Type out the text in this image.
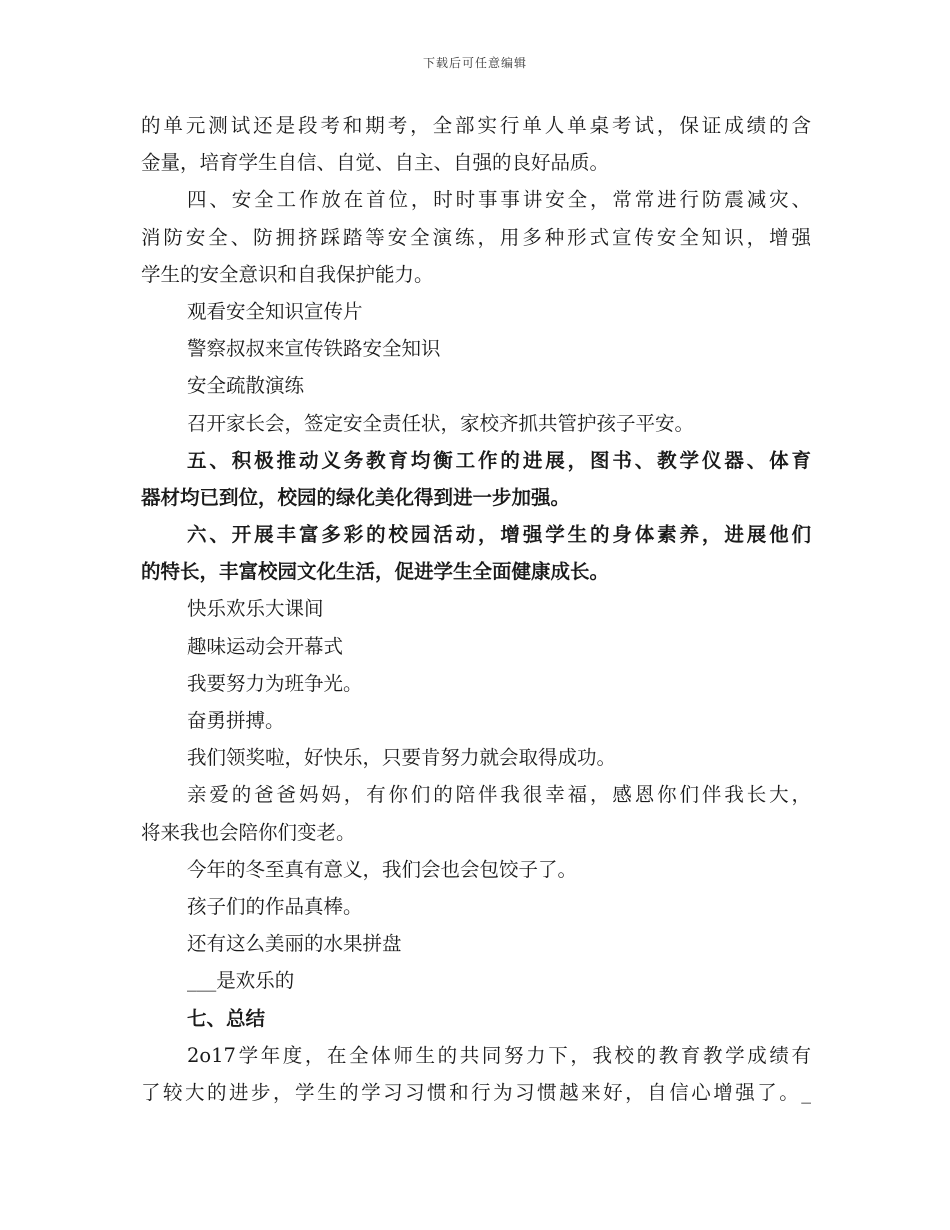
下载后可任意编辑
的单元测试还是段考和期考，全部实行单人单桌考试，保证成绩的含
金量，培育学生自信、自觉、自主、自强的良好品质。
四、安全工作放在首位，时时事事讲安全，常常进行防震减灾、
消防安全、防拥挤踩踏等安全演练，用多种形式宣传安全知识，增强
学生的安全意识和自我保护能力。
观看安全知识宣传片
警察叔叔来宣传铁路安全知识
安全疏散演练
召开家长会，签定安全责任状，家校齐抓共管护孩子平安。
五、积极推动义务教育均衡工作的进展，图书、教学仪器、体育
器材均已到位，校园的绿化美化得到进一步加强。
六、开展丰富多彩的校园活动，增强学生的身体素养，进展他们
的特长，丰富校园文化生活，促进学生全面健康成长。
快乐欢乐大课间
趣味运动会开幕式
我要努力为班争光。
奋勇拼搏。
我们领奖啦，好快乐，只要肯努力就会取得成功。
亲爱的爸爸妈妈，有你们的陪伴我很幸福，感恩你们伴我长大，
将来我也会陪你们变老。
今年的冬至真有意义，我们会也会包饺子了。
孩子们的作品真棒。
还有这么美丽的水果拼盘
___是欢乐的
七、总结
2o17学年度，在全体师生的共同努力下，我校的教育教学成绩有
了较大的进步，学生的学习习惯和行为习惯越来好，自信心增强了。_
